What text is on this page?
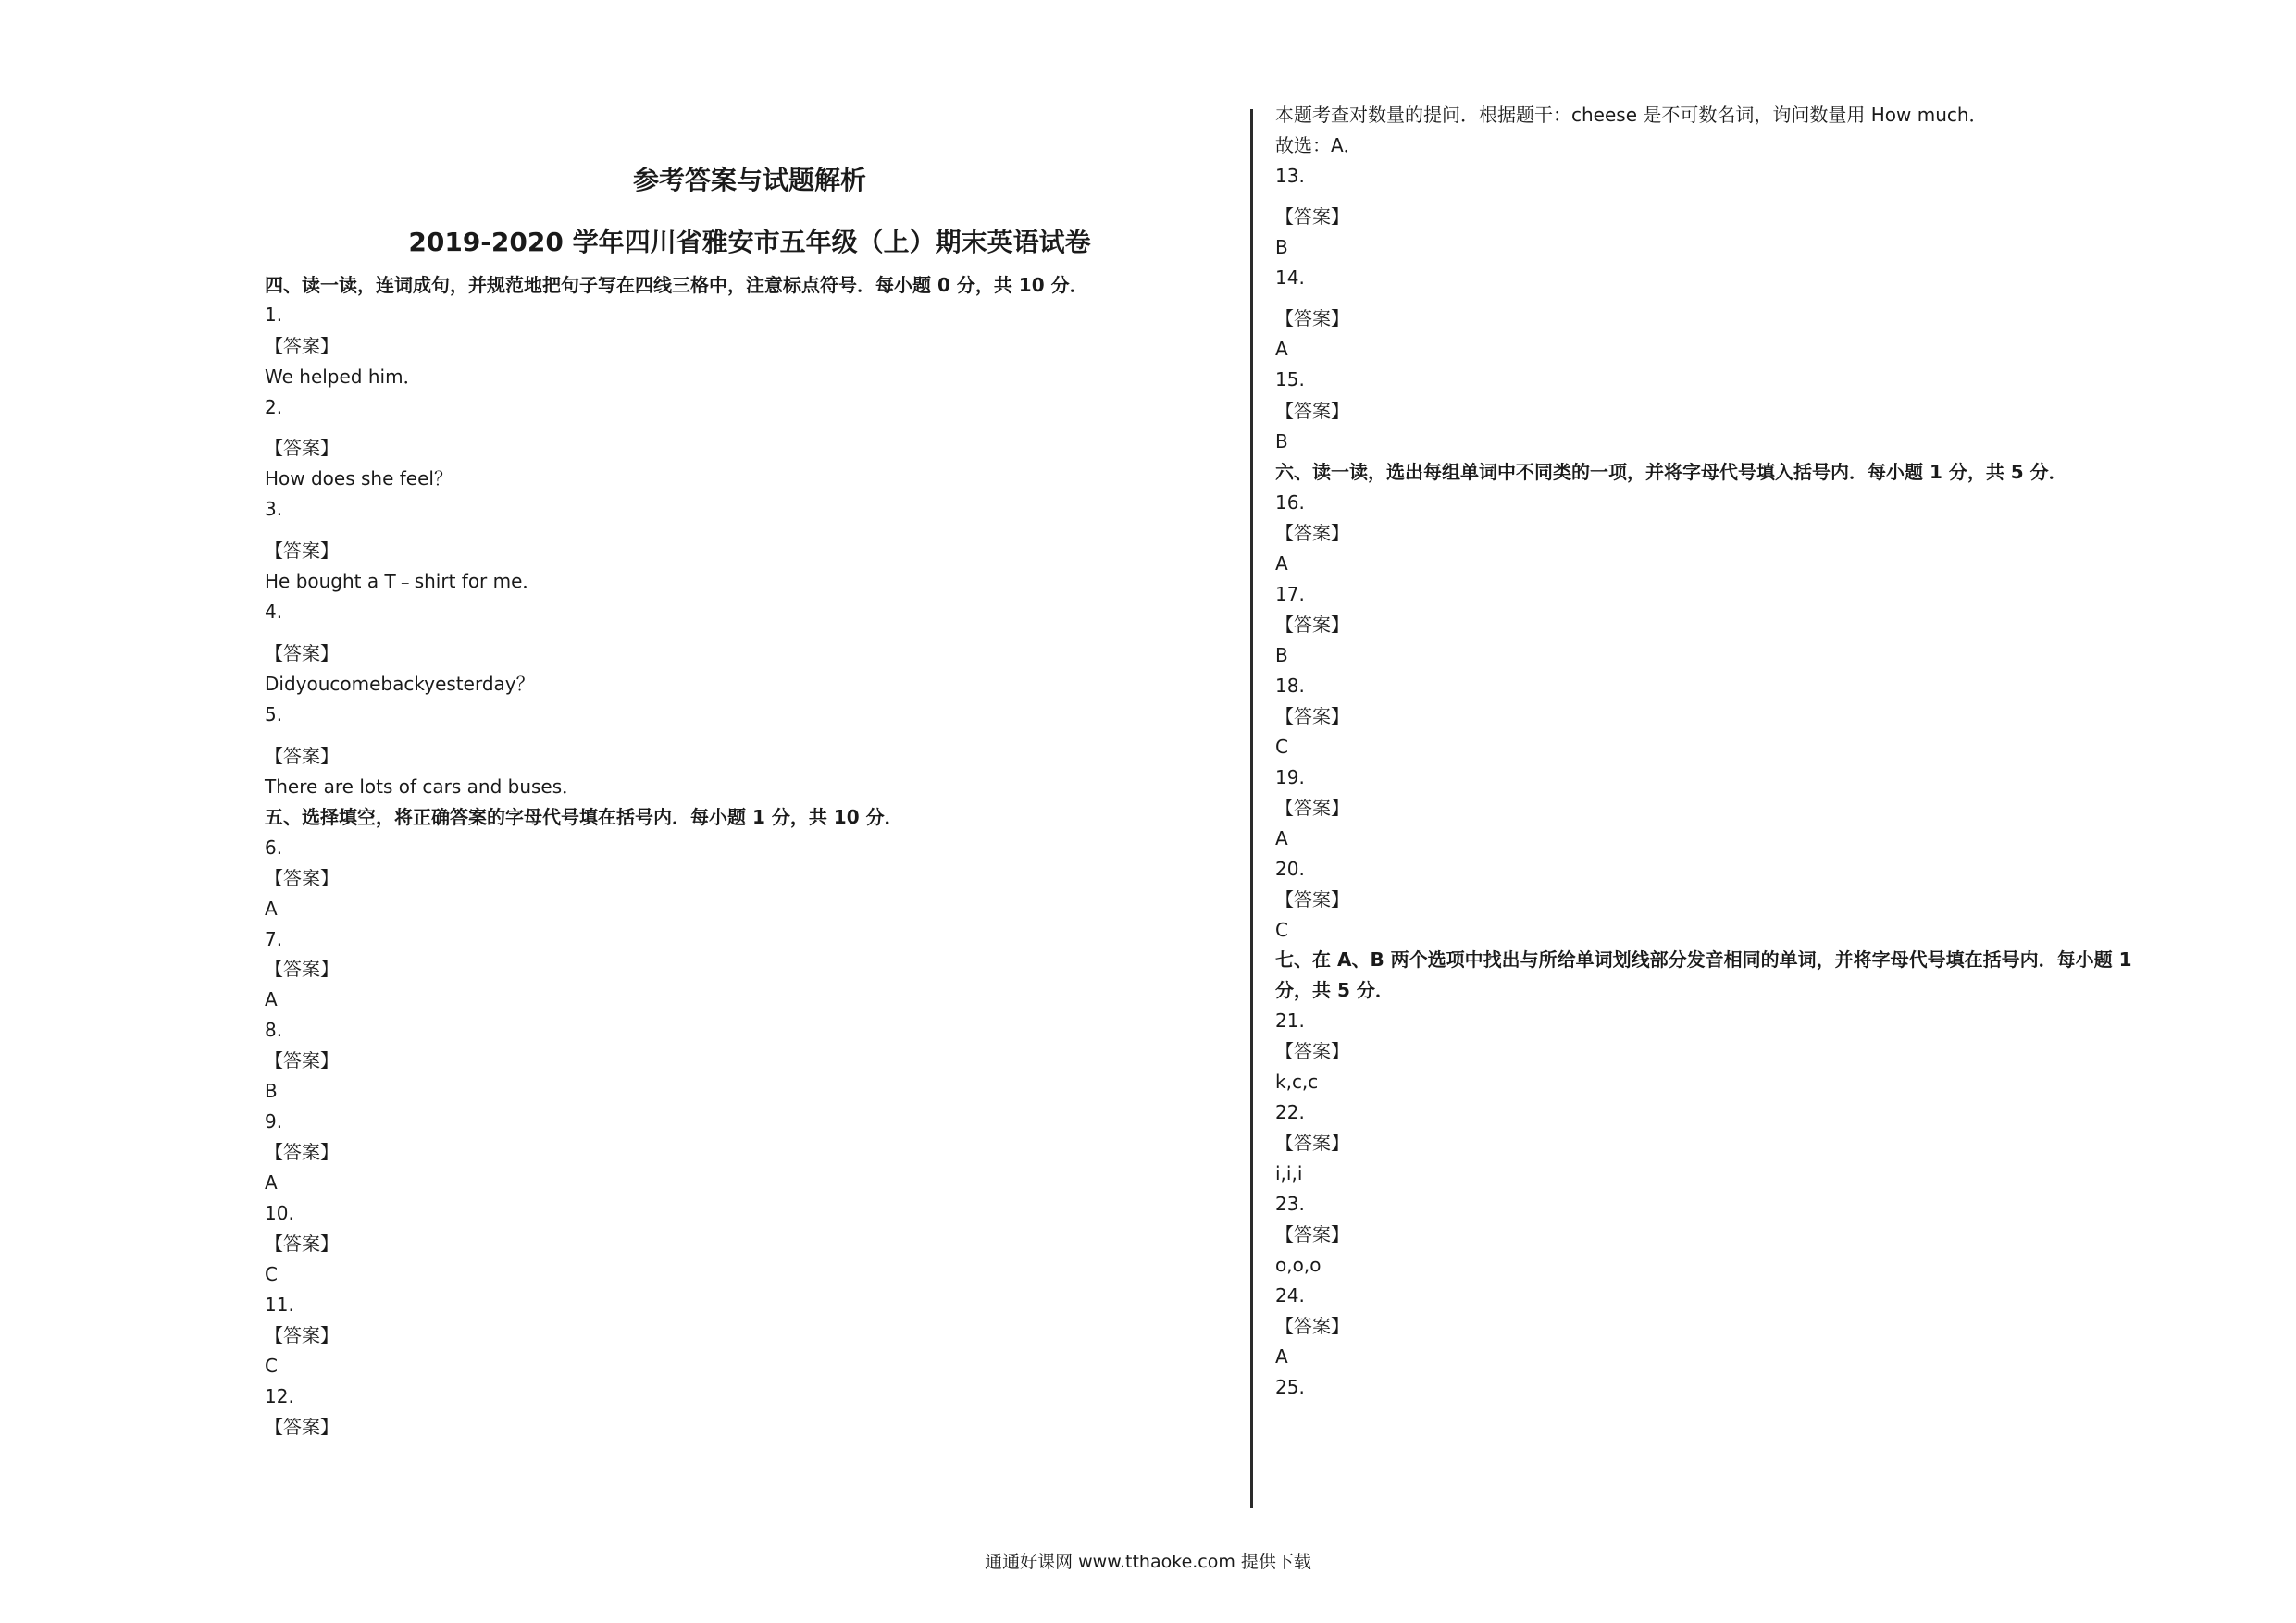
参考答案与试题解析
2019-2020 学年四川省雅安市五年级（上）期末英语试卷
四、读一读，连词成句，并规范地把句子写在四线三格中，注意标点符号．每小题 0 分，共 10 分．
1.
【答案】
We helped him．
2.
【答案】
How does she feel？
3.
【答案】
He bought a T﹣shirt for me．
4.
【答案】
Didyoucomebackyesterday？
5.
【答案】
There are lots of cars and buses．
五、选择填空，将正确答案的字母代号填在括号内．每小题 1 分，共 10 分．
6.
【答案】
A
7.
【答案】
A
8.
【答案】
B
9.
【答案】
A
10.
【答案】
C
11.
【答案】
C
12.
【答案】
本题考查对数量的提问．根据题干：cheese 是不可数名词，询问数量用 How much．
故选：A．
13.
【答案】
B
14.
【答案】
A
15.
【答案】
B
六、读一读，选出每组单词中不同类的一项，并将字母代号填入括号内．每小题 1 分，共 5 分．
16.
【答案】
A
17.
【答案】
B
18.
【答案】
C
19.
【答案】
A
20.
【答案】
C
七、在 A、B 两个选项中找出与所给单词划线部分发音相同的单词，并将字母代号填在括号内．每小题 1
分，共 5 分．
21.
【答案】
k,c,c
22.
【答案】
i,i,i
23.
【答案】
o,o,o
24.
【答案】
A
25.
通通好课网 www.tthaoke.com 提供下载
